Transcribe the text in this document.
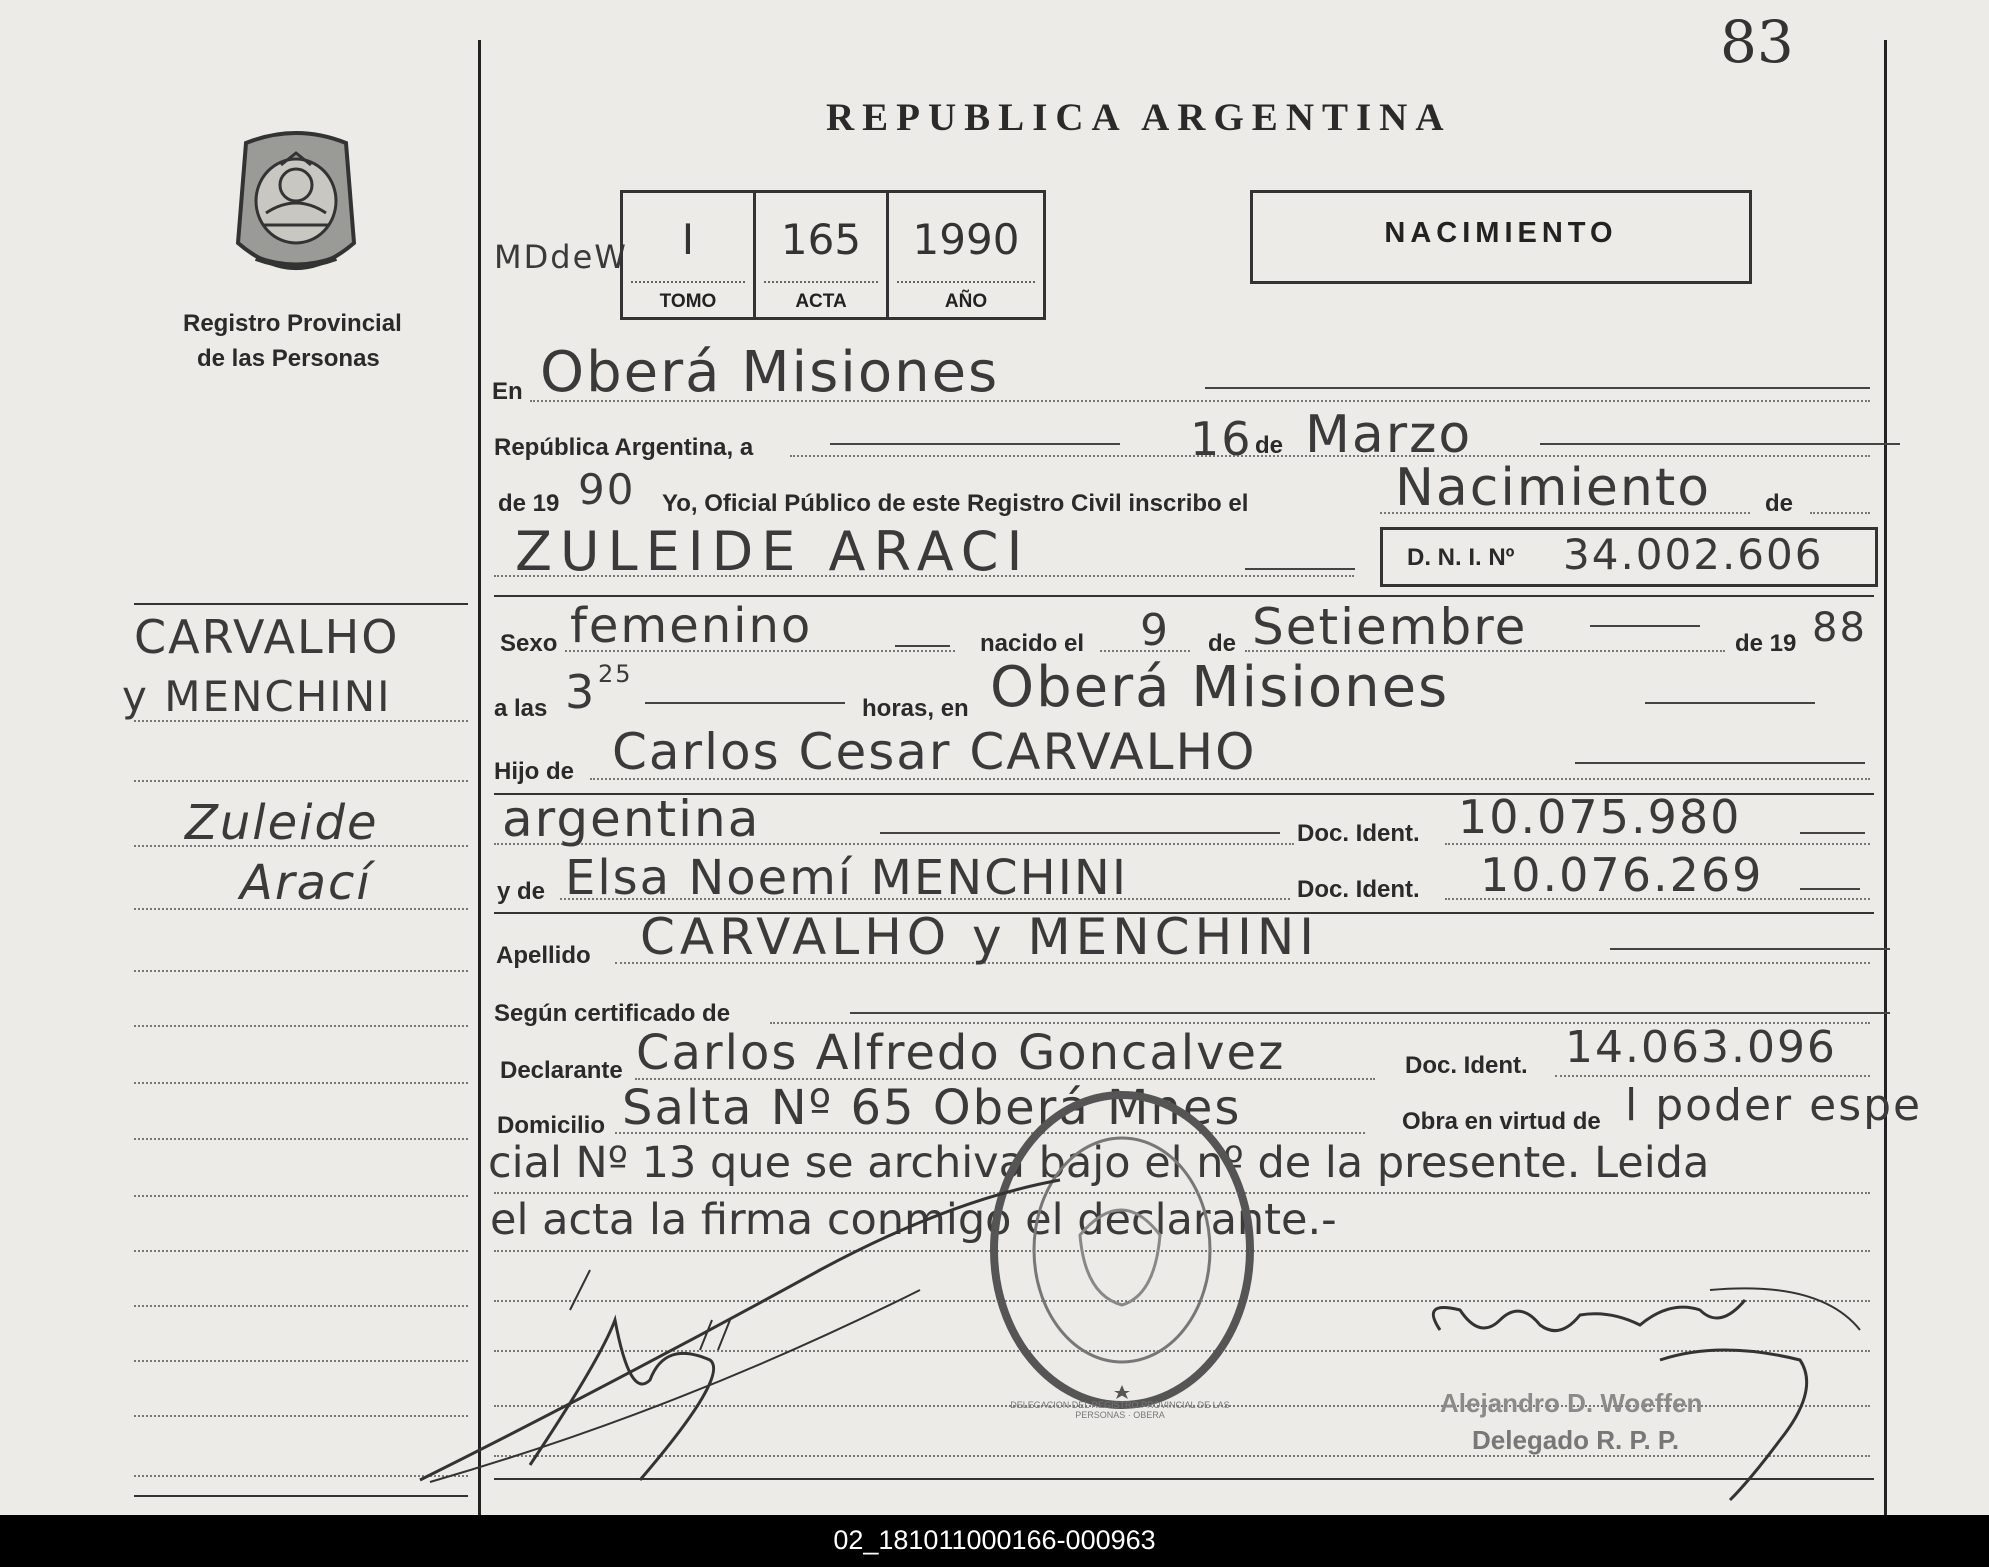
83
REPUBLICA ARGENTINA
Registro Provincial
de las Personas
MDdeW	I
TOMO
165
ACTA
1990
AÑO
NACIMIENTO
CARVALHO
y MENCHINI
Zuleide
Arací
En Oberá Misiones
República Argentina, a	16 de Marzo
de 19 90 Yo, Oficial Público de este Registro Civil inscribo el	Nacimiento de
ZULEIDE ARACI	D. N. I. Nº 34.002.606
Sexo femenino	nacido el 9 de Setiembre	de 19 88
a las 3 25
horas, en Oberá Misiones
Hijo de Carlos Cesar CARVALHO
argentina	Doc. Ident. 10.075.980
y de Elsa Noemí MENCHINI	Doc. Ident. 10.076.269
Apellido CARVALHO y MENCHINI
Según certificado de
Declarante Carlos Alfredo Goncalvez	Doc. Ident. 14.063.096
Domicilio Salta Nº 65 Oberá Mnes	Obra en virtud de l poder espe
cial Nº 13 que se archiva bajo el nº de la presente. Leida
el acta la firma conmigo el declarante.-
DELEGACION DEL REGISTRO PROVINCIAL DE LAS PERSONAS · OBERA	Alejandro D. Woeffen
Delegado R. P. P.
02_181011000166-000963
